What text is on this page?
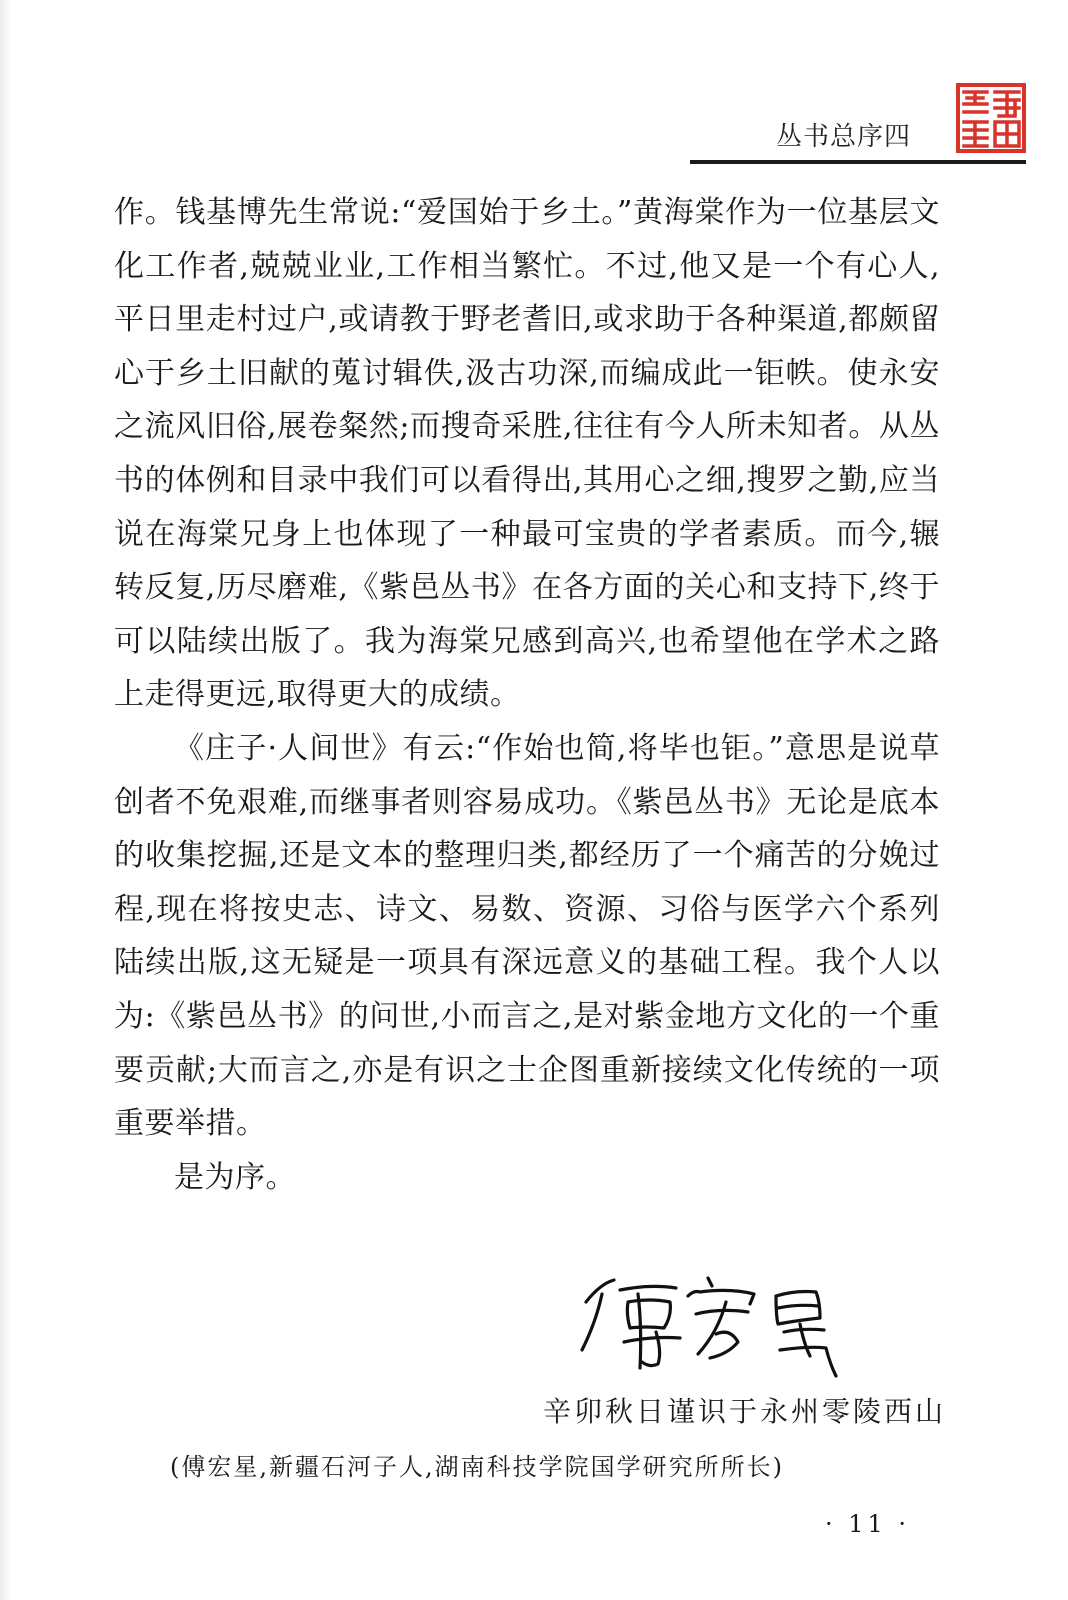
丛书总序四

作。钱基博先生常说:“爱国始于乡土。”黄海棠作为一位基层文化工作者,兢兢业业,工作相当繁忙。不过,他又是一个有心人,平日里走村过户,或请教于野老耆旧,或求助于各种渠道,都颇留心于乡土旧献的蒐讨辑佚,汲古功深,而编成此一钜帙。使永安之流风旧俗,展卷粲然;而搜奇采胜,往往有今人所未知者。从丛书的体例和目录中我们可以看得出,其用心之细,搜罗之勤,应当说在海棠兄身上也体现了一种最可宝贵的学者素质。而今,辗转反复,历尽磨难,《紫邑丛书》在各方面的关心和支持下,终于可以陆续出版了。我为海棠兄感到高兴,也希望他在学术之路上走得更远,取得更大的成绩。

《庄子·人间世》有云:“作始也简,将毕也钜。”意思是说草创者不免艰难,而继事者则容易成功。《紫邑丛书》无论是底本的收集挖掘,还是文本的整理归类,都经历了一个痛苦的分娩过程,现在将按史志、诗文、易数、资源、习俗与医学六个系列陆续出版,这无疑是一项具有深远意义的基础工程。我个人以为:《紫邑丛书》的问世,小而言之,是对紫金地方文化的一个重要贡献;大而言之,亦是有识之士企图重新接续文化传统的一项重要举措。

是为序。

辛卯秋日谨识于永州零陵西山
(傅宏星,新疆石河子人,湖南科技学院国学研究所所长)
· 11 ·
